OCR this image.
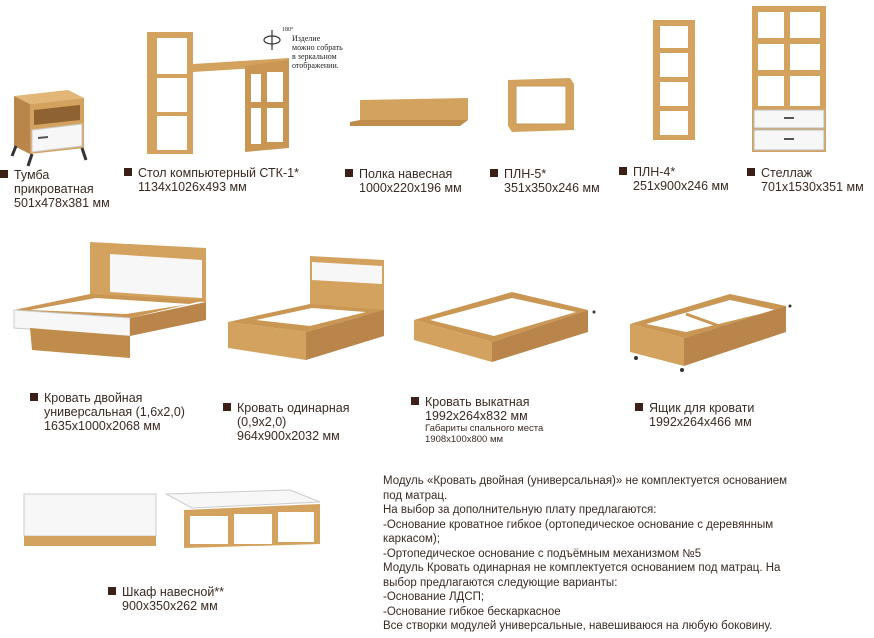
180°
Изделие
можно собрать
в зеркальном
отображении.
Тумба
прикроватная
501x478x381 мм
Стол компьютерный СТК-1*
1134x1026x493 мм
Полка навесная
1000x220x196 мм
ПЛН-5*
351x350x246 мм
ПЛН-4*
251x900x246 мм
Стеллаж
701x1530x351 мм
Кровать двойная
универсальная (1,6x2,0)
1635x1000x2068 мм
Кровать одинарная
(0,9x2,0)
964x900x2032 мм
Кровать выкатная
1992x264x832 мм
Габариты спального места
1908x100x800 мм
Ящик для кровати
1992x264x466 мм
Шкаф навесной**
900x350x262 мм
Модуль «Кровать двойная (универсальная)» не комплектуется основанием
под матрац.
На выбор за дополнительную плату предлагаются:
-Основание кроватное гибкое (ортопедическое основание с деревянным
каркасом);
-Ортопедическое основание с подъёмным механизмом №5
Модуль Кровать одинарная не комплектуется основанием под матрац. На
выбор предлагаются следующие варианты:
-Основание ЛДСП;
-Основание гибкое бескаркасное
Все створки модулей универсальные, навешиваюся на любую боковину.
